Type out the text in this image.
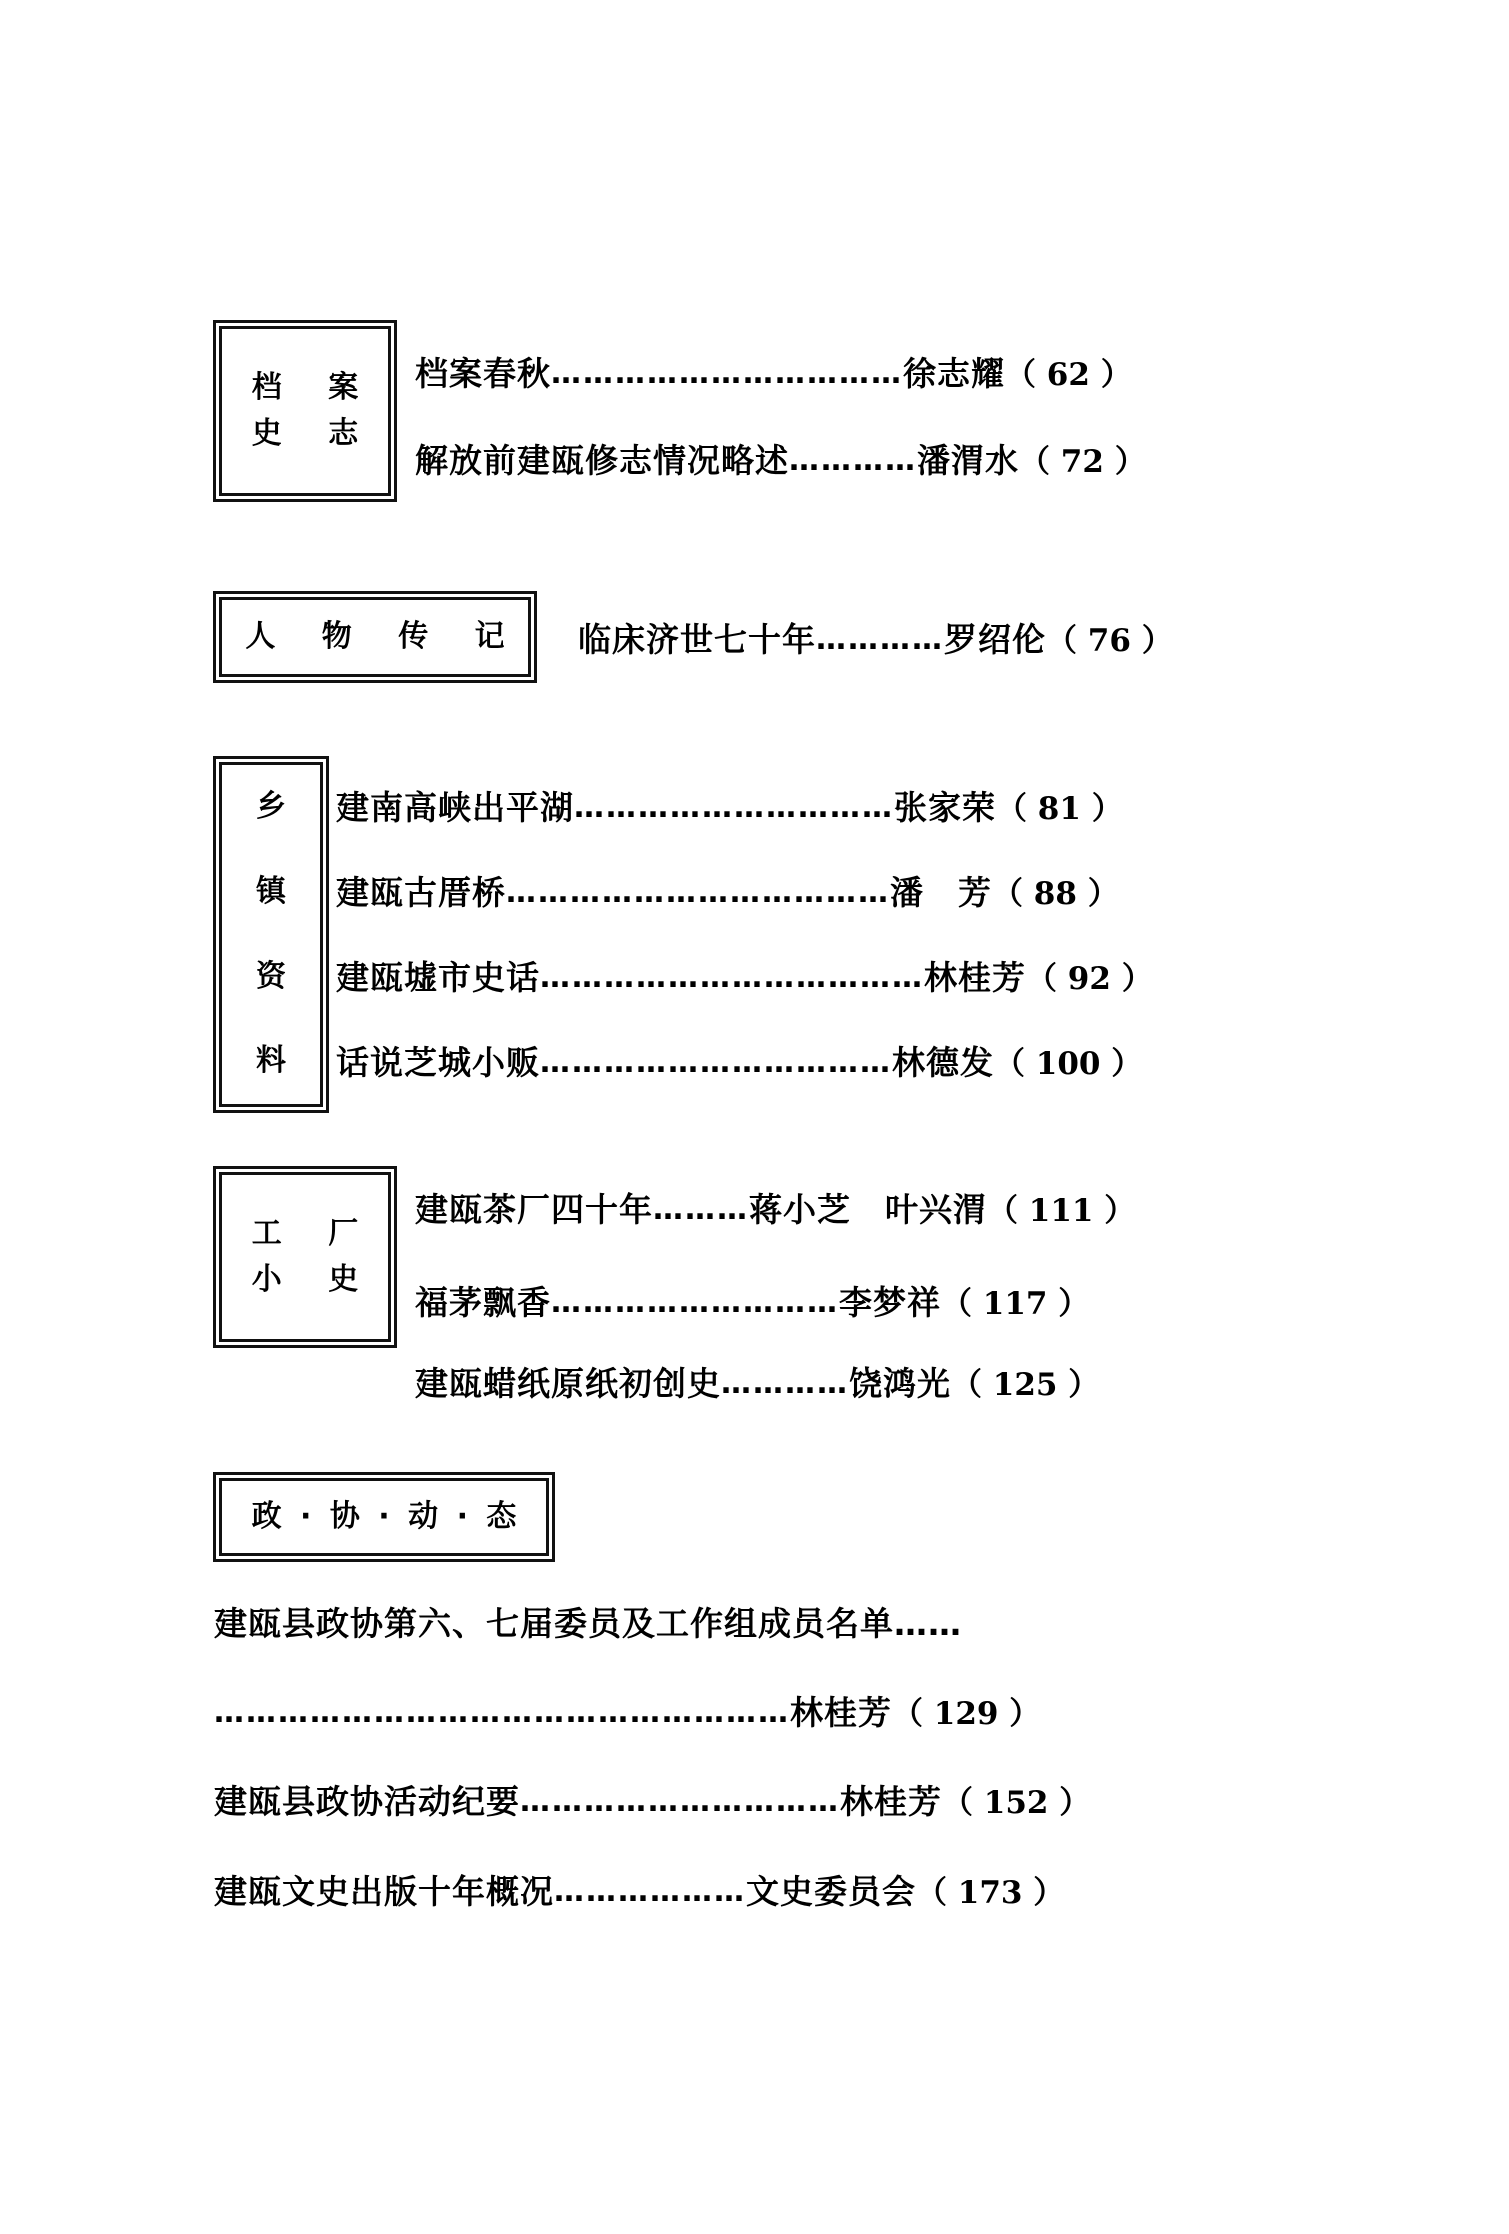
档 案
史 志
档案春秋 …………………………… 徐志耀 （ 62 ）
解放前建瓯修志情况略述 ………… 潘渭水 （ 72 ）
人 物 传 记 临床济世七十年 ………… 罗绍伦 （ 76 ）
乡
镇
资
料
建南高峡出平湖 ………………………… 张家荣 （ 81 ）
建瓯古厝桥 ……………………………… 潘　芳 （ 88 ）
建瓯墟市史话 ……………………………… 林桂芳 （ 92 ）
话说芝城小贩 …………………………… 林德发 （ 100 ）
工 厂
小 史
建瓯茶厂四十年 ……… 蒋小芝　叶兴渭 （ 111 ）
福茅飘香 ……………………… 李梦祥 （ 117 ）
建瓯蜡纸原纸初创史 ………… 饶鸿光 （ 125 ）
政 · 协 · 动 · 态
建瓯县政协第六、七届委员及工作组成员名单……
……………………………………………… 林桂芳 （ 129 ）
建瓯县政协活动纪要 ………………………… 林桂芳 （ 152 ）
建瓯文史出版十年概况 ……………… 文史委员会 （ 173 ）
